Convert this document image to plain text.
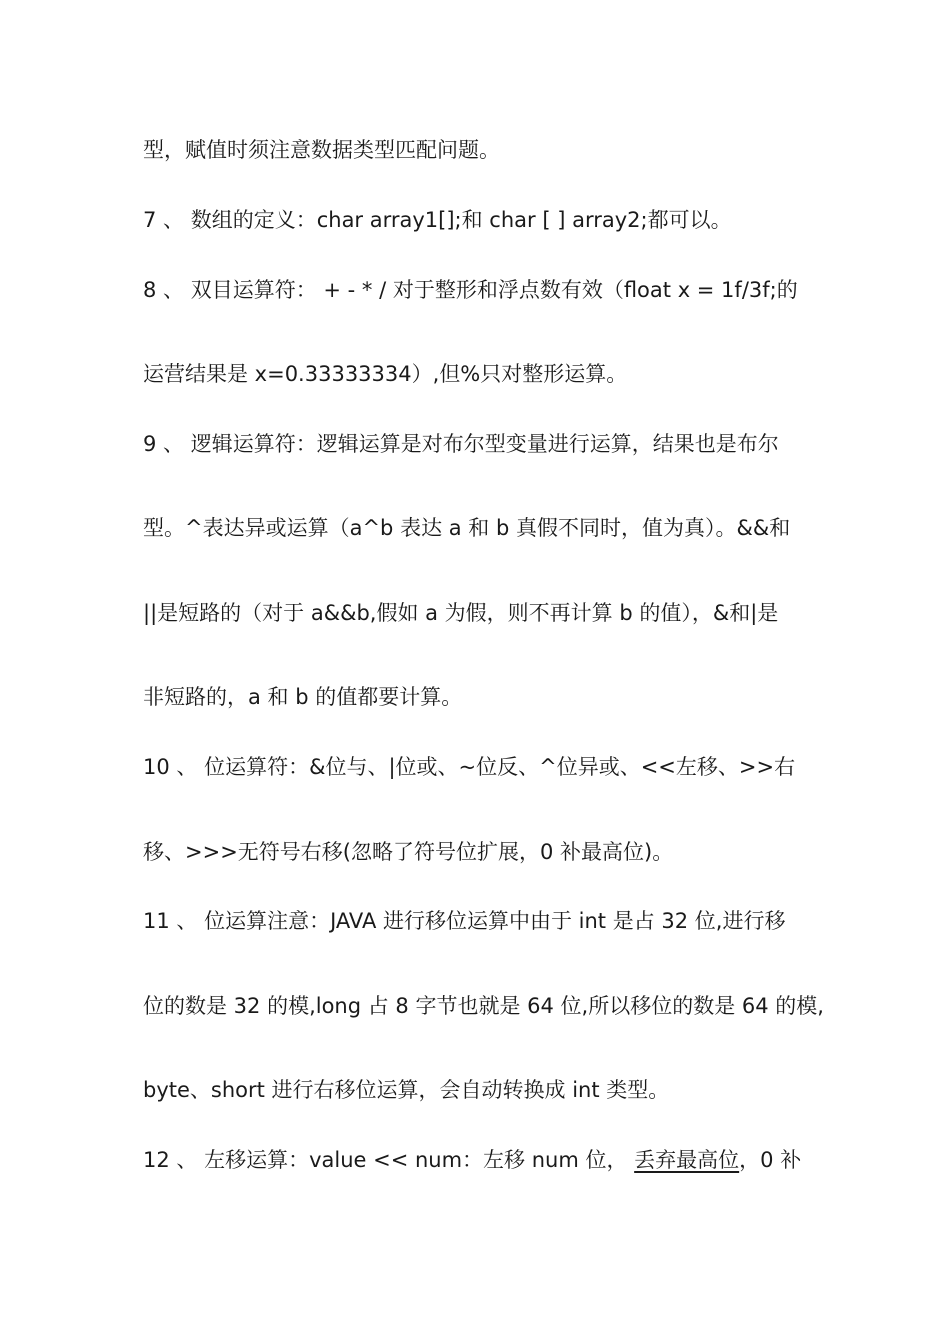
型，赋值时须注意数据类型匹配问题。
7 、 数组的定义：char array1[];和 char [ ] array2;都可以。
8 、 双目运算符： + - * / 对于整形和浮点数有效（float x = 1f/3f;的
运营结果是 x=0.33333334）,但%只对整形运算。
9 、 逻辑运算符：逻辑运算是对布尔型变量进行运算，结果也是布尔
型。^表达异或运算（a^b 表达 a 和 b 真假不同时，值为真）。&&和
||是短路的（对于 a&&b,假如 a 为假，则不再计算 b 的值），&和|是
非短路的，a 和 b 的值都要计算。
10 、 位运算符：&位与、|位或、~位反、^位异或、<<左移、>>右
移、>>>无符号右移(忽略了符号位扩展，0 补最高位)。
11 、 位运算注意：JAVA 进行移位运算中由于 int 是占 32 位,进行移
位的数是 32 的模,long 占 8 字节也就是 64 位,所以移位的数是 64 的模,
byte、short 进行右移位运算，会自动转换成 int 类型。
12 、 左移运算：value << num：左移 num 位， 丢弃最高位，0 补
